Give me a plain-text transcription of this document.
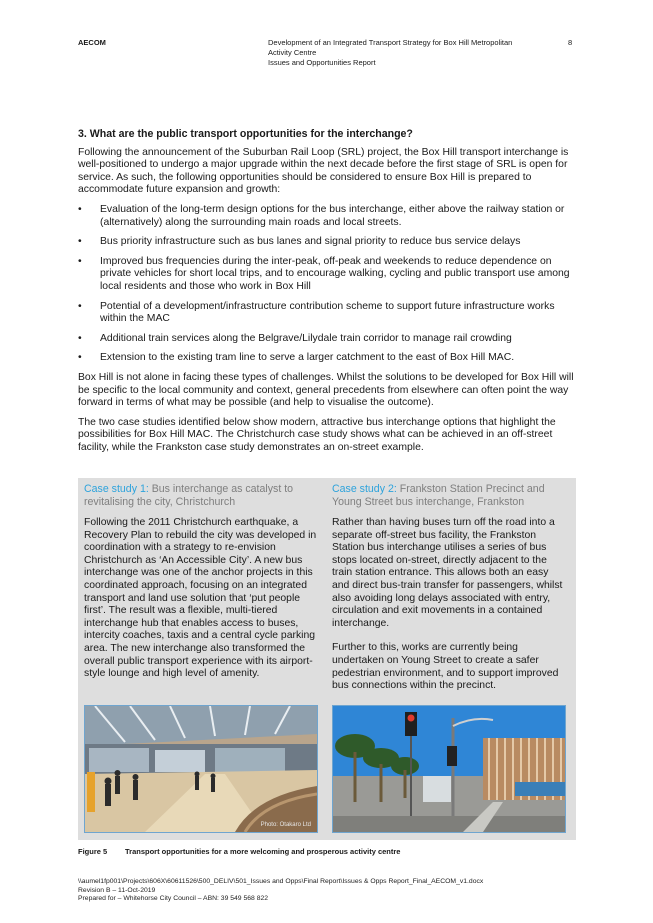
AECOM	Development of an Integrated Transport Strategy for Box Hill Metropolitan
Activity Centre
Issues and Opportunities Report
8
3. What are the public transport opportunities for the interchange?

Following the announcement of the Suburban Rail Loop (SRL) project, the Box Hill transport interchange is well-positioned to undergo a major upgrade within the next decade before the first stage of SRL is open for service. As such, the following opportunities should be considered to ensure Box Hill is prepared to accommodate future expansion and growth:

• Evaluation of the long-term design options for the bus interchange, either above the railway station or (alternatively) along the surrounding main roads and local streets.
• Bus priority infrastructure such as bus lanes and signal priority to reduce bus service delays
• Improved bus frequencies during the inter-peak, off-peak and weekends to reduce dependence on private vehicles for short local trips, and to encourage walking, cycling and public transport use among local residents and those who work in Box Hill
• Potential of a development/infrastructure contribution scheme to support future infrastructure works within the MAC
• Additional train services along the Belgrave/Lilydale train corridor to manage rail crowding
• Extension to the existing tram line to serve a larger catchment to the east of Box Hill MAC.

Box Hill is not alone in facing these types of challenges. Whilst the solutions to be developed for Box Hill will be specific to the local community and context, general precedents from elsewhere can often point the way forward in terms of what may be possible (and help to visualise the outcome).

The two case studies identified below show modern, attractive bus interchange options that highlight the possibilities for Box Hill MAC. The Christchurch case study shows what can be achieved in an off-street facility, while the Frankston case study demonstrates an on-street example.

Case study 1: Bus interchange as catalyst to revitalising the city, Christchurch

Following the 2011 Christchurch earthquake, a Recovery Plan to rebuild the city was developed in coordination with a strategy to re-envision Christchurch as ‘An Accessible City’. A new bus interchange was one of the anchor projects in this coordinated approach, focusing on an integrated transport and land use solution that ‘put people first’. The result was a flexible, multi-tiered interchange hub that enables access to buses, intercity coaches, taxis and a central cycle parking area. The new interchange also transformed the overall public transport experience with its airport-style lounge and high level of amenity.

Case study 2: Frankston Station Precinct and Young Street bus interchange, Frankston

Rather than having buses turn off the road into a separate off-street bus facility, the Frankston Station bus interchange utilises a series of bus stops located on-street, directly adjacent to the train station entrance. This allows both an easy and direct bus-train transfer for passengers, whilst also avoiding long delays associated with entry, circulation and exit movements in a contained interchange.

Further to this, works are currently being undertaken on Young Street to create a safer pedestrian environment, and to support improved bus connections within the precinct.

Photo: Otakaro Ltd
Figure 5 Transport opportunities for a more welcoming and prosperous activity centre
\\aumel1fp001\Projects\606X\60611526\500_DELIV\501_Issues and Opps\Final Report\Issues & Opps Report_Final_AECOM_v1.docx
Revision B – 11-Oct-2019
Prepared for – Whitehorse City Council – ABN: 39 549 568 822
